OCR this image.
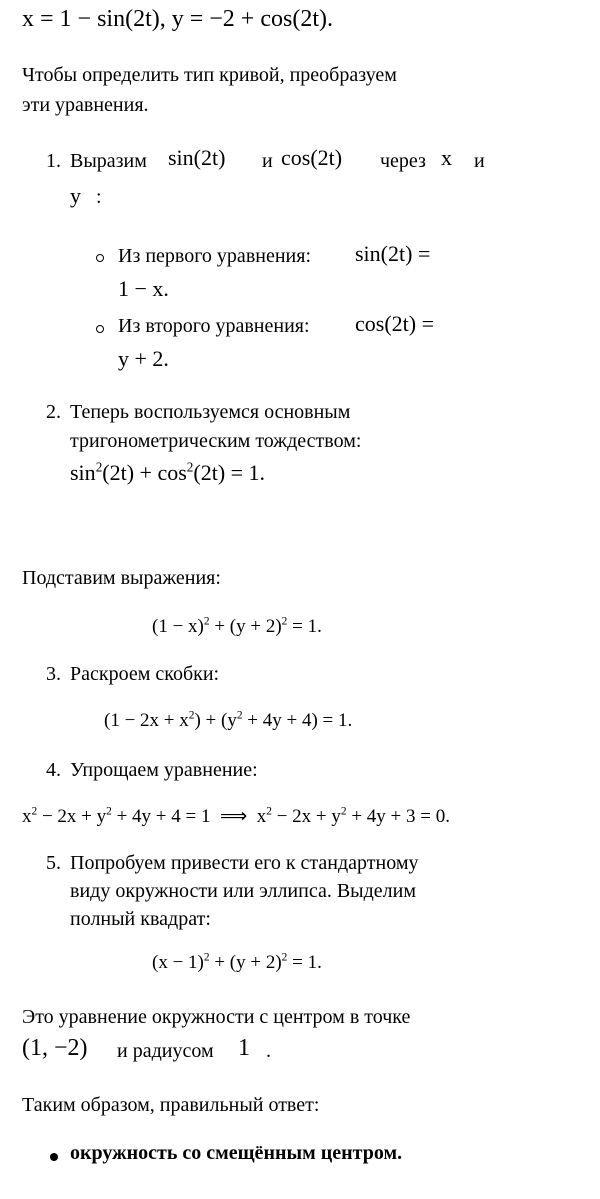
x = 1 − sin(2t), y = −2 + cos(2t).
Чтобы определить тип кривой, преобразуем
эти уравнения.
1. Выразим sin(2t) и cos(2t) через x и
y :
Из первого уравнения: sin(2t) =
1 − x.
Из второго уравнения: cos(2t) =
y + 2.
2. Теперь воспользуемся основным
тригонометрическим тождеством:
$\sin^2(2t) + \cos^2(2t) = 1$.
Подставим выражения:
$(1 - x)^2 + (y + 2)^2 = 1$.
3. Раскроем скобки:
$(1 - 2x + x^2) + (y^2 + 4y + 4) = 1$.
4. Упрощаем уравнение:
$x^2 - 2x + y^2 + 4y + 4 = 1$ ⟹ $x^2 - 2x + y^2 + 4y + 3 = 0$.
5. Попробуем привести его к стандартному
виду окружности или эллипса. Выделим
полный квадрат:
$(x - 1)^2 + (y + 2)^2 = 1$.
Это уравнение окружности с центром в точке
(1, −2) и радиусом 1 .
Таким образом, правильный ответ:
окружность со смещённым центром.
